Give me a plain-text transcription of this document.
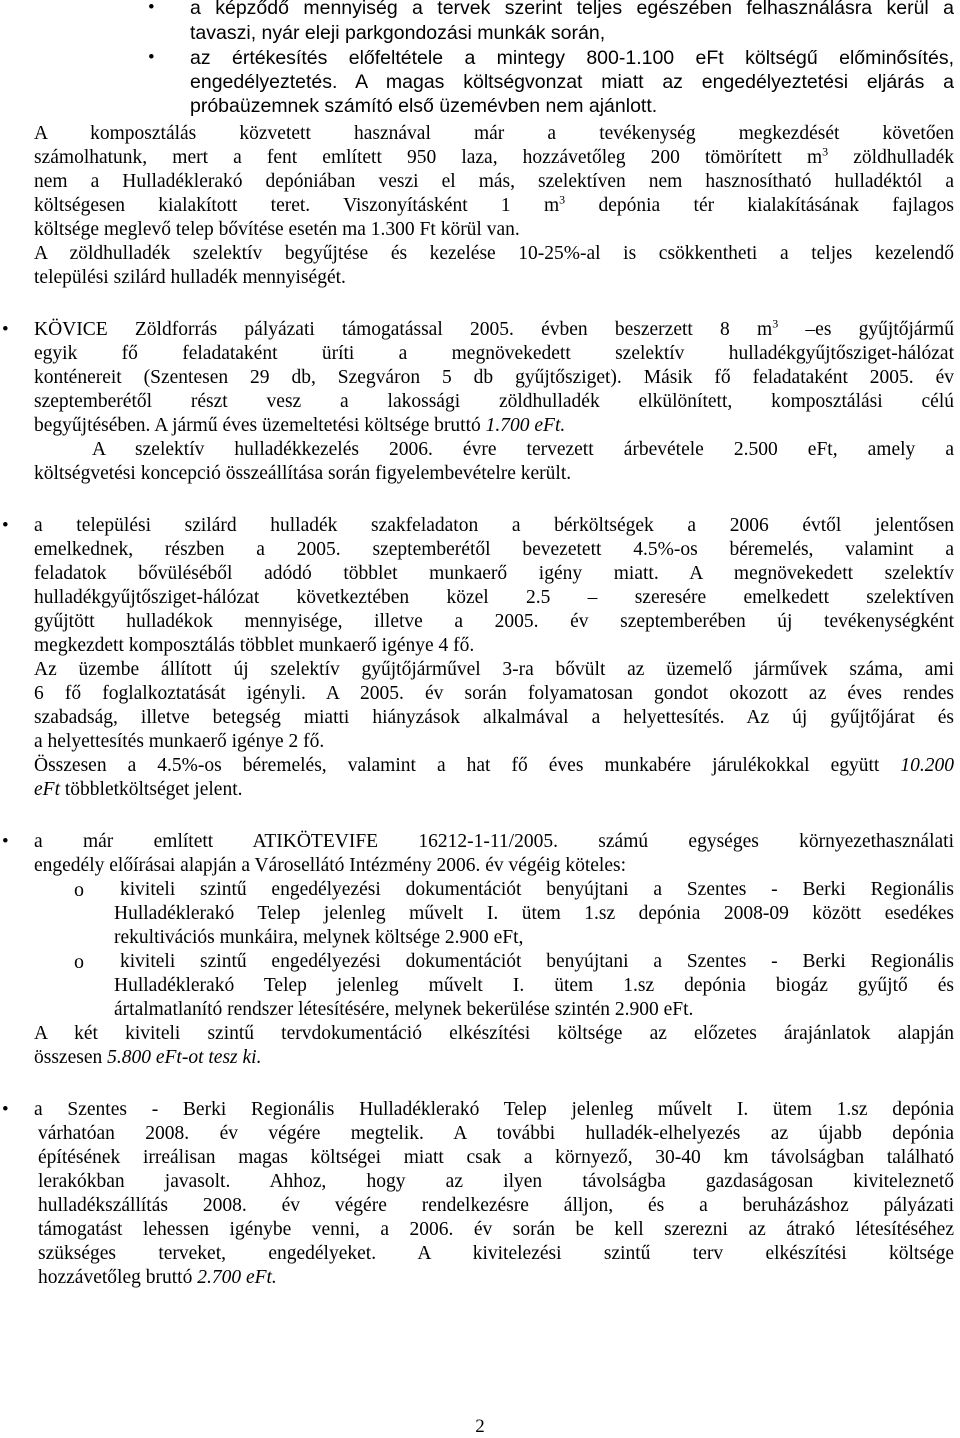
• a képződő mennyiség a tervek szerint teljes egészében felhasználásra kerül a
tavaszi, nyár eleji parkgondozási munkák során,
• az értékesítés előfeltétele a mintegy 800-1.100 eFt költségű előminősítés,
engedélyeztetés. A magas költségvonzat miatt az engedélyeztetési eljárás a
próbaüzemnek számító első üzemévben nem ajánlott.
A komposztálás közvetett hasznával már a tevékenység megkezdését követően
számolhatunk, mert a fent említett 950 laza, hozzávetőleg 200 tömörített $m^3$ zöldhulladék
nem a Hulladéklerakó depóniában veszi el más, szelektíven nem hasznosítható hulladéktól a
költségesen kialakított teret. Viszonyításként 1 $m^3$ depónia tér kialakításának fajlagos
költsége meglevő telep bővítése esetén ma 1.300 Ft körül van.
A zöldhulladék szelektív begyűjtése és kezelése 10-25%-al is csökkentheti a teljes kezelendő
települési szilárd hulladék mennyiségét.
• KÖVICE Zöldforrás pályázati támogatással 2005. évben beszerzett 8 $m^3$ –es gyűjtőjármű
egyik fő feladataként üríti a megnövekedett szelektív hulladékgyűjtősziget-hálózat
konténereit (Szentesen 29 db, Szegváron 5 db gyűjtősziget). Másik fő feladataként 2005. év
szeptemberétől részt vesz a lakossági zöldhulladék elkülönített, komposztálási célú
begyűjtésében. A jármű éves üzemeltetési költsége bruttó 1.700 eFt.
A szelektív hulladékkezelés 2006. évre tervezett árbevétele 2.500 eFt, amely a
költségvetési koncepció összeállítása során figyelembevételre került.
• a települési szilárd hulladék szakfeladaton a bérköltségek a 2006 évtől jelentősen
emelkednek, részben a 2005. szeptemberétől bevezetett 4.5%-os béremelés, valamint a
feladatok bővüléséből adódó többlet munkaerő igény miatt. A megnövekedett szelektív
hulladékgyűjtősziget-hálózat következtében közel 2.5 – szeresére emelkedett szelektíven
gyűjtött hulladékok mennyisége, illetve a 2005. év szeptemberében új tevékenységként
megkezdett komposztálás többlet munkaerő igénye 4 fő.
Az üzembe állított új szelektív gyűjtőjárművel 3-ra bővült az üzemelő járművek száma, ami
6 fő foglalkoztatását igényli. A 2005. év során folyamatosan gondot okozott az éves rendes
szabadság, illetve betegség miatti hiányzások alkalmával a helyettesítés. Az új gyűjtőjárat és
a helyettesítés munkaerő igénye 2 fő.
Összesen a 4.5%-os béremelés, valamint a hat fő éves munkabére járulékokkal együtt 10.200
eFt többletköltséget jelent.
• a már említett ATIKÖTEVIFE 16212-1-11/2005. számú egységes környezethasználati
engedély előírásai alapján a Városellátó Intézmény 2006. év végéig köteles:
o kiviteli szintű engedélyezési dokumentációt benyújtani a Szentes - Berki Regionális
Hulladéklerakó Telep jelenleg művelt I. ütem 1.sz depónia 2008-09 között esedékes
rekultivációs munkáira, melynek költsége 2.900 eFt,
o kiviteli szintű engedélyezési dokumentációt benyújtani a Szentes - Berki Regionális
Hulladéklerakó Telep jelenleg művelt I. ütem 1.sz depónia biogáz gyűjtő és
ártalmatlanító rendszer létesítésére, melynek bekerülése szintén 2.900 eFt.
A két kiviteli szintű tervdokumentáció elkészítési költsége az előzetes árajánlatok alapján
összesen 5.800 eFt-ot tesz ki.
• a Szentes - Berki Regionális Hulladéklerakó Telep jelenleg művelt I. ütem 1.sz depónia
várhatóan 2008. év végére megtelik. A további hulladék-elhelyezés az újabb depónia
építésének irreálisan magas költségei miatt csak a környező, 30-40 km távolságban található
lerakókban javasolt. Ahhoz, hogy az ilyen távolságba gazdaságosan kiviteleznető
hulladékszállítás 2008. év végére rendelkezésre álljon, és a beruházáshoz pályázati
támogatást lehessen igénybe venni, a 2006. év során be kell szerezni az átrakó létesítéséhez
szükséges terveket, engedélyeket. A kivitelezési szintű terv elkészítési költsége
hozzávetőleg bruttó 2.700 eFt.
2
